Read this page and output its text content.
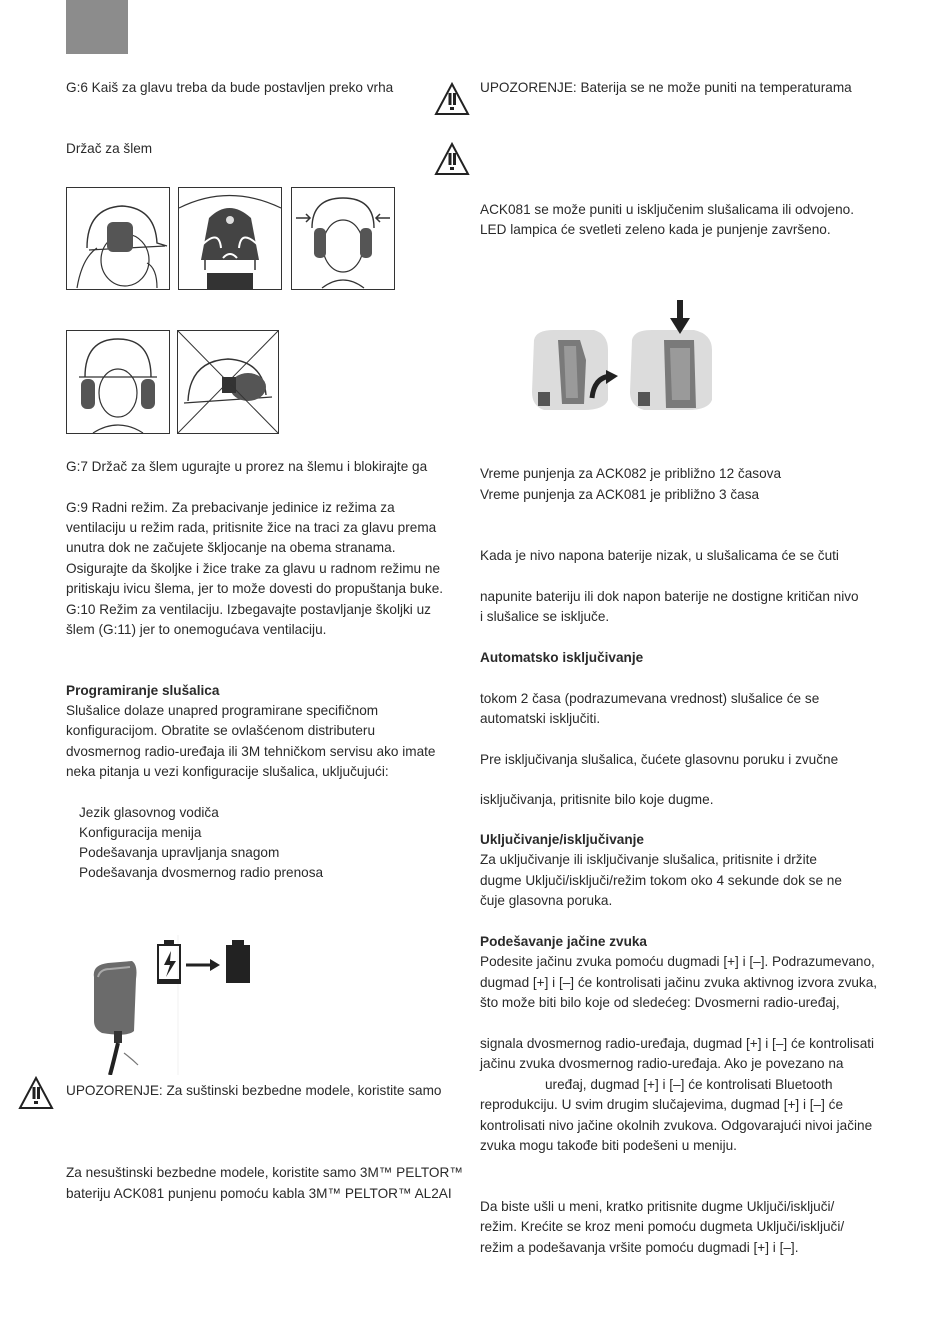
G:6 Kaiš za glavu treba da bude postavljen preko vrha
Držač za šlem
G:7 Držač za šlem ugurajte u prorez na šlemu i blokirajte ga
G:9 Radni režim. Za prebacivanje jedinice iz režima za
ventilaciju u režim rada, pritisnite žice na traci za glavu prema
unutra dok ne začujete škljocanje na obema stranama.
Osigurajte da školjke i žice trake za glavu u radnom režimu ne
pritiskaju ivicu šlema, jer to može dovesti do propuštanja buke.
G:10 Režim za ventilaciju. Izbegavajte postavljanje školjki uz
šlem (G:11) jer to onemogućava ventilaciju.
Programiranje slušalica
Slušalice dolaze unapred programirane specifičnom
konfiguracijom. Obratite se ovlašćenom distributeru
dvosmernog radio-uređaja ili 3M tehničkom servisu ako imate
neka pitanja u vezi konfiguracije slušalica, uključujući:
Jezik glasovnog vodiča
Konfiguracija menija
Podešavanja upravljanja snagom
Podešavanja dvosmernog radio prenosa
UPOZORENJE: Za suštinski bezbedne modele, koristite samo
Za nesuštinski bezbedne modele, koristite samo 3M™ PELTOR™
bateriju ACK081 punjenu pomoću kabla 3M™ PELTOR™ AL2AI
UPOZORENJE: Baterija se ne može puniti na temperaturama
ACK081 se može puniti u isključenim slušalicama ili odvojeno.
LED lampica će svetleti zeleno kada je punjenje završeno.
Vreme punjenja za ACK082 je približno 12 časova
Vreme punjenja za ACK081 je približno 3 časa
Kada je nivo napona baterije nizak, u slušalicama će se čuti
napunite bateriju ili dok napon baterije ne dostigne kritičan nivo
i slušalice se isključe.
Automatsko isključivanje
tokom 2 časa (podrazumevana vrednost) slušalice će se
automatski isključiti.
Pre isključivanja slušalica, čućete glasovnu poruku i zvučne
isključivanja, pritisnite bilo koje dugme.
Uključivanje/isključivanje
Za uključivanje ili isključivanje slušalica, pritisnite i držite
dugme Uključi/isključi/režim tokom oko 4 sekunde dok se ne
čuje glasovna poruka.
Podešavanje jačine zvuka
Podesite jačinu zvuka pomoću dugmadi [+] i [–]. Podrazumevano,
dugmad [+] i [–] će kontrolisati jačinu zvuka aktivnog izvora zvuka,
što može biti bilo koje od sledećeg: Dvosmerni radio-uređaj,
signala dvosmernog radio-uređaja, dugmad [+] i [–] će kontrolisati
jačinu zvuka dvosmernog radio-uređaja. Ako je povezano na
uređaj, dugmad [+] i [–] će kontrolisati Bluetooth
reprodukciju. U svim drugim slučajevima, dugmad [+] i [–] će
kontrolisati nivo jačine okolnih zvukova. Odgovarajući nivoi jačine
zvuka mogu takođe biti podešeni u meniju.
Da biste ušli u meni, kratko pritisnite dugme Uključi/isključi/
režim. Krećite se kroz meni pomoću dugmeta Uključi/isključi/
režim a podešavanja vršite pomoću dugmadi [+] i [–].
